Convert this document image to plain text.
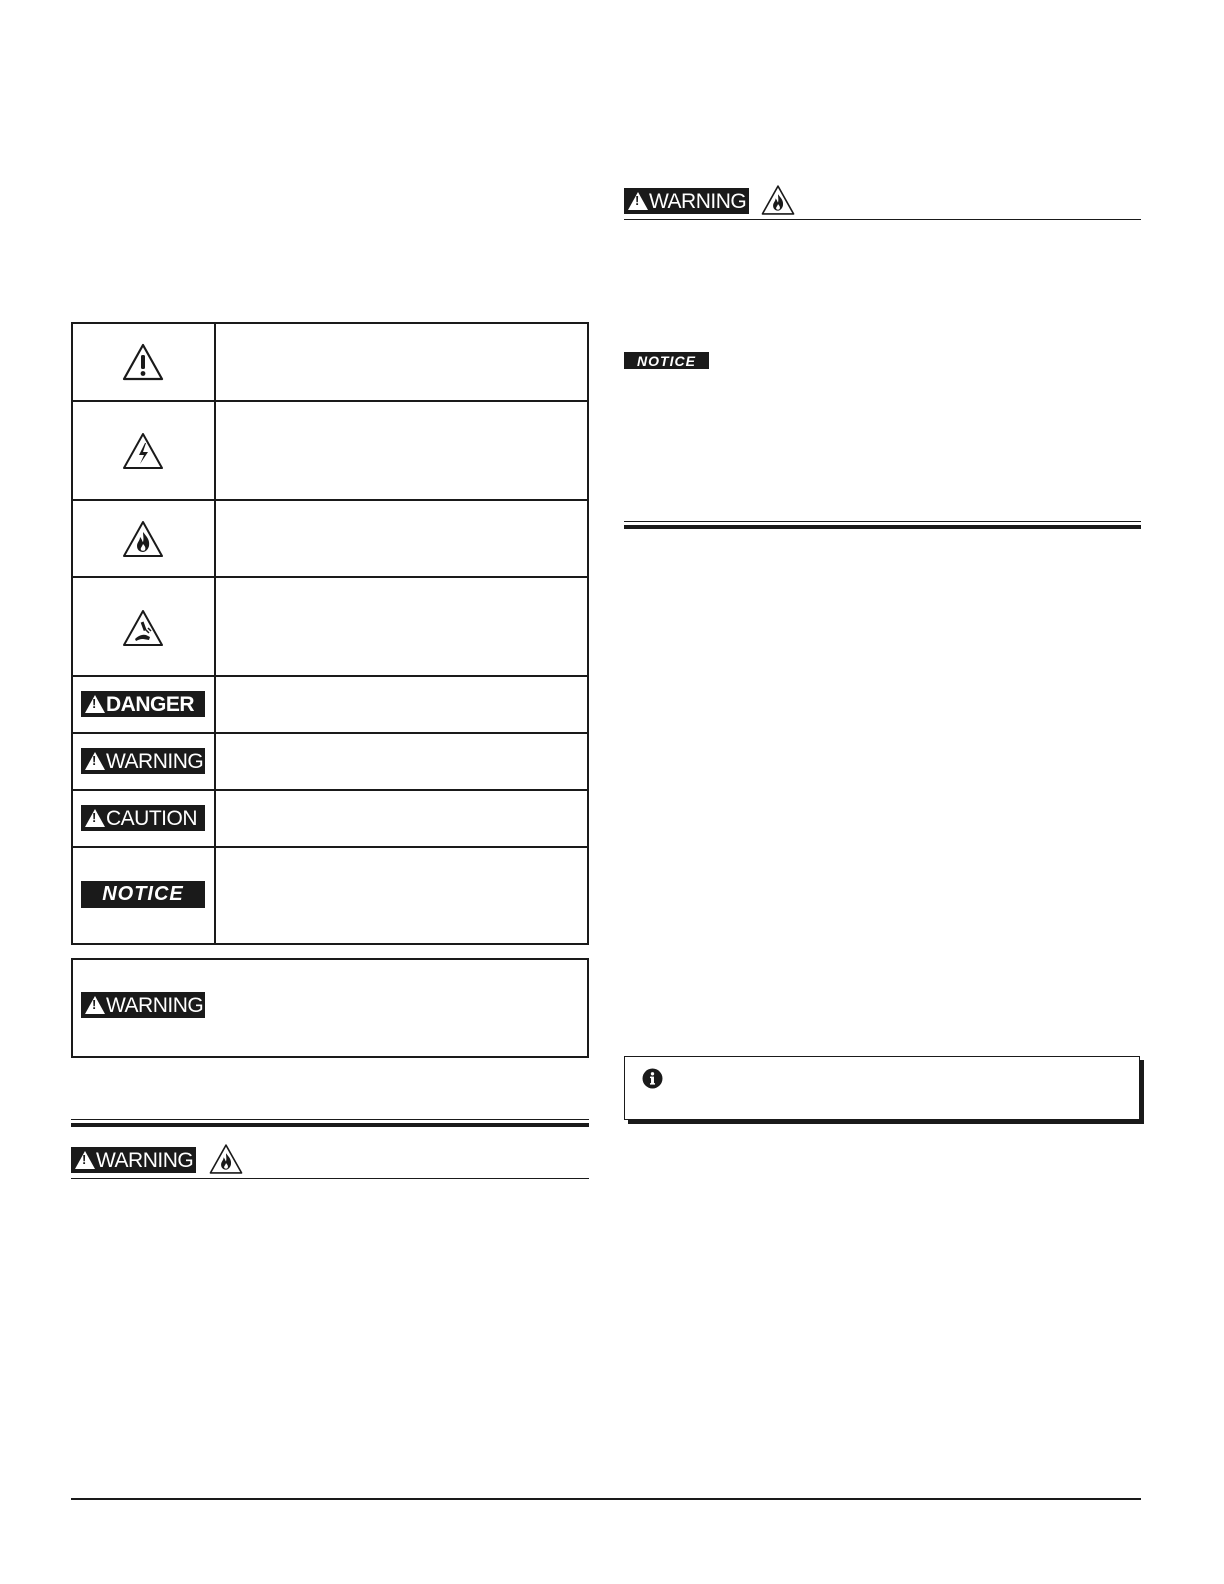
!
DANGER
!
WARNING
!
CAUTION
NOTICE
!
WARNING
!
WARNING
!
WARNING
NOTICE
